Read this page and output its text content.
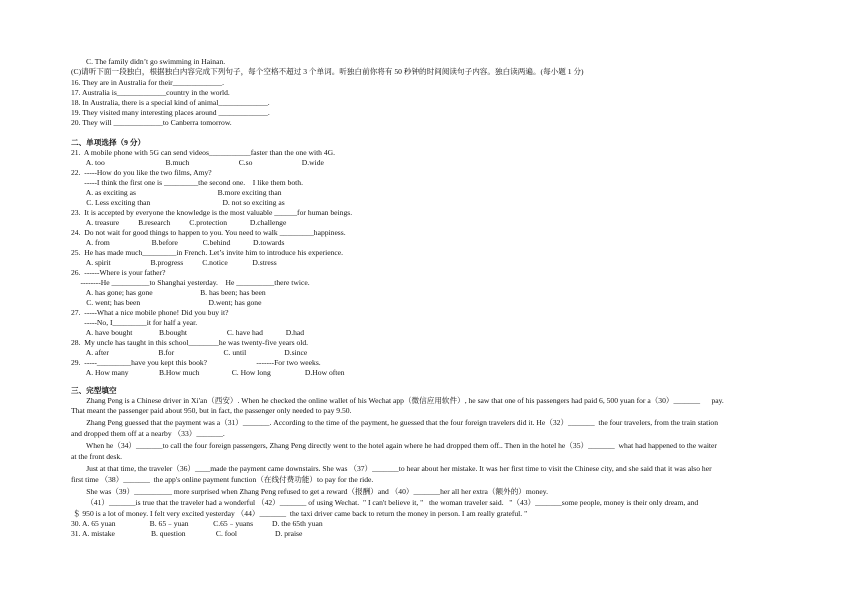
C. The family didn’t go swimming in Hainan.
(C)请听下面一段独白，根据独白内容完成下列句子，每个空格不超过 3 个单词。听独白前你将有 50 秒钟的时间阅读句子内容。独白读两遍。(每小题 1 分)
16. They are in Australia for their_____________.
17. Australia is_____________country in the world.
18. In Australia, there is a special kind of animal_____________.
19. They visited many interesting places around _____________.
20. They will _____________to Canberra tomorrow.
二、单项选择（9 分）
21.  A mobile phone with 5G can send videos___________faster than the one with 4G.
A. too                                B.much                          C.so                          D.wide
22.  -----How do you like the two films, Amy?
-----I think the first one is _________the second one.    I like them both.
A. as exciting as                                           B.more exciting than
C. Less exciting than                                      D. not so exciting as
23.  It is accepted by everyone the knowledge is the most valuable ______for human beings.
A. treasure          B.research          C.protection            D.challenge
24.  Do not wait for good things to happen to you. You need to walk _________happiness.
A. from                      B.before             C.behind            D.towards
25.  He has made much_________in French. Let’s invite him to introduce his experience.
A. spirit                     B.progress          C.notice             D.stress
26.  ------Where is your father?
--------He __________to Shanghai yesterday.    He __________there twice.
A. has gone; has gone                         B. has been; has been
C. went; has been                                    D.went; has gone
27.  -----What a nice mobile phone! Did you buy it?
-----No, I_________it for half a year.
A. have bought              B.bought                     C. have had            D.had
28.  My uncle has taught in this school________he was twenty-five years old.
A. after                          B.for                          C. until                    D.since
29.  -----_________have you kept this book?                          -------For two weeks.
A. How many                B.How much                 C. How long                  D.How often
三、完型填空
Zhang Peng is a Chinese driver in Xi'an（西安）. When he checked the online wallet of his Wechat app（微信应用软件）, he saw that one of his passengers had paid 6, 500 yuan for a（30）_______      pay.
That meant the passenger paid about 950, but in fact, the passenger only needed to pay 9.50.
Zhang Peng guessed that the payment was a（31）_______. According to the time of the payment, he guessed that the four foreign travelers did it. He（32）_______  the four travelers, from the train station
and dropped them off at a nearby （33）_______.
When he（34）_______to call the four foreign passengers, Zhang Peng directly went to the hotel again where he had dropped them off.. Then in the hotel he（35）_______  what had happened to the waiter
at the front desk.
Just at that time, the traveler（36）____made the payment came downstairs. She was （37）_______to hear about her mistake. It was her first time to visit the Chinese city, and she said that it was also her
first time （38）_______  the app's online payment function（在线付费功能）to pay for the ride.
She was（39）__________ more surprised when Zhang Peng refused to get a reward（报酬）and （40）_______her all her extra（额外的）money.
（41）_______is true that the traveler had a wonderful （42）_______ of using Wechat.  " I can't believe it, "   the woman traveler said.   "（43）_______some people, money is their only dream, and
＄ 950 is a lot of money. I felt very excited yesterday （44）_______  the taxi driver came back to return the money in person. I am really grateful. "
30. A. 65 yuan                  B. 65﹣yuan             C.65﹣yuans          D. the 65th yuan
31. A. mistake                   B. question                C. fool                    D. praise
